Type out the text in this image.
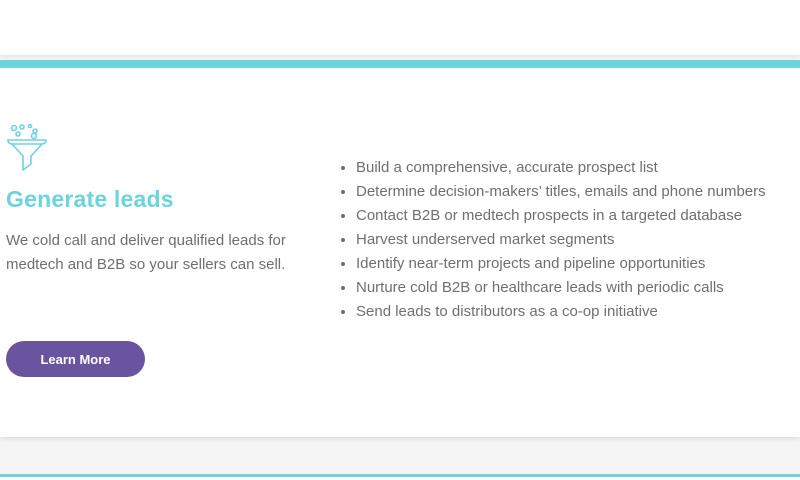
Generate leads

We cold call and deliver qualified leads for medtech and B2B so your sellers can sell.

Learn More
• Build a comprehensive, accurate prospect list
• Determine decision-makers’ titles, emails and phone numbers
• Contact B2B or medtech prospects in a targeted database
• Harvest underserved market segments
• Identify near-term projects and pipeline opportunities
• Nurture cold B2B or healthcare leads with periodic calls
• Send leads to distributors as a co-op initiative
